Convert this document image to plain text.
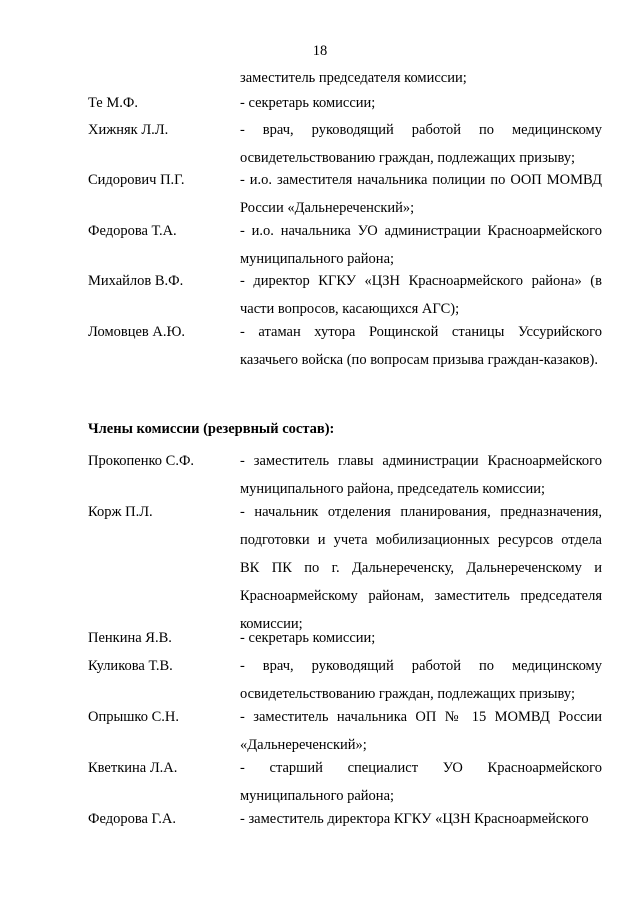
18
заместитель председателя комиссии;
Те М.Ф.	- секретарь комиссии;
Хижняк Л.Л.	- врач, руководящий работой по медицинскому освидетельствованию граждан, подлежащих призыву;
Сидорович П.Г.	- и.о. заместителя начальника полиции по ООП МОМВД России «Дальнереченский»;
Федорова Т.А.	- и.о. начальника УО администрации Красноармейского муниципального района;
Михайлов В.Ф.	- директор КГКУ «ЦЗН Красноармейского района» (в части вопросов, касающихся АГС);
Ломовцев А.Ю.	- атаман хутора Рощинской станицы Уссурийского казачьего войска (по вопросам призыва граждан-казаков).
Члены комиссии (резервный состав):
Прокопенко С.Ф.	- заместитель главы администрации Красноармейского муниципального района, председатель комиссии;
Корж П.Л.	- начальник отделения планирования, предназначения, подготовки и учета мобилизационных ресурсов отдела ВК ПК по г. Дальнереченску, Дальнереченскому и Красноармейскому районам, заместитель председателя комиссии;
Пенкина Я.В.	- секретарь комиссии;
Куликова Т.В.	- врач, руководящий работой по медицинскому освидетельствованию граждан, подлежащих призыву;
Опрышко С.Н.	- заместитель начальника ОП № 15 МОМВД России «Дальнереченский»;
Кветкина Л.А.	- старший специалист УО Красноармейского муниципального района;
Федорова Г.А.	- заместитель директора КГКУ «ЦЗН Красноармейского
